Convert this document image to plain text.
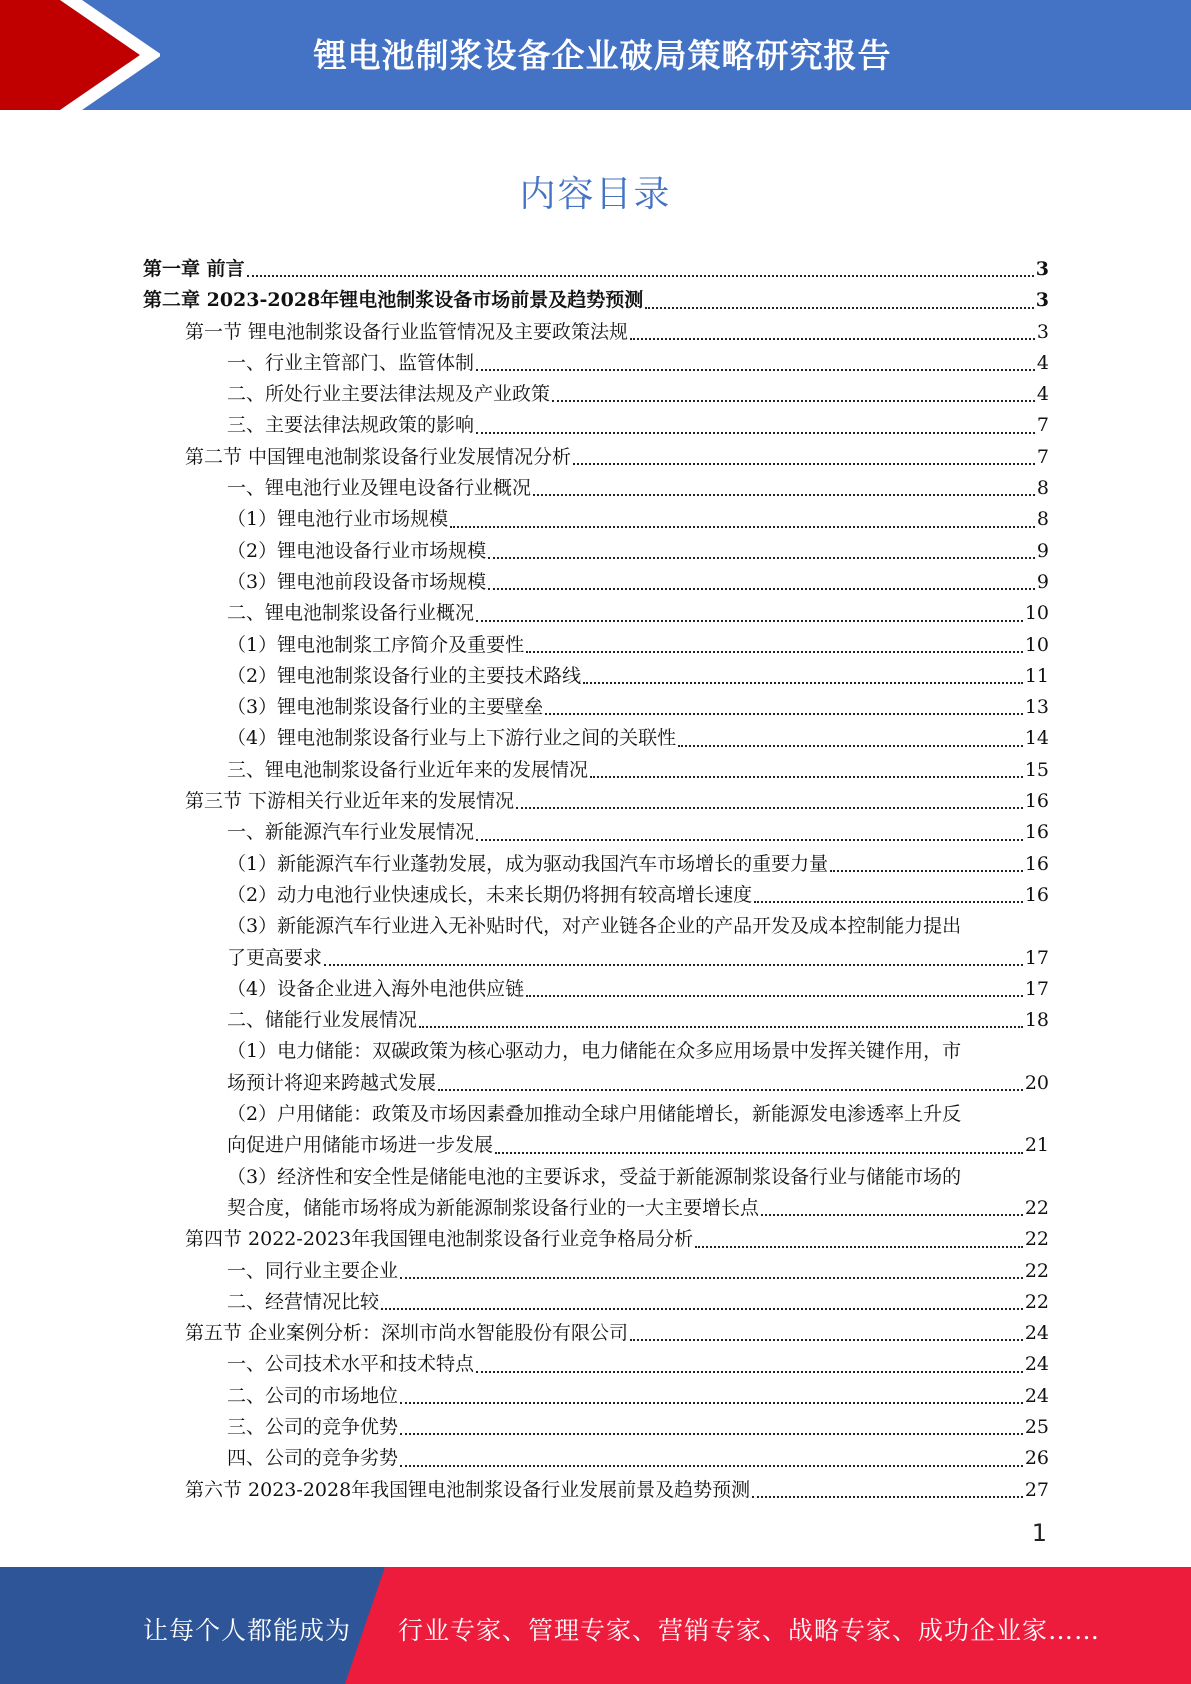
锂电池制浆设备企业破局策略研究报告
内容目录
第一章 前言	3
第二章 2023-2028年锂电池制浆设备市场前景及趋势预测	3
第一节 锂电池制浆设备行业监管情况及主要政策法规	3
一、行业主管部门、监管体制	4
二、所处行业主要法律法规及产业政策	4
三、主要法律法规政策的影响	7
第二节 中国锂电池制浆设备行业发展情况分析	7
一、锂电池行业及锂电设备行业概况	8
（1）锂电池行业市场规模	8
（2）锂电池设备行业市场规模	9
（3）锂电池前段设备市场规模	9
二、锂电池制浆设备行业概况	10
（1）锂电池制浆工序简介及重要性	10
（2）锂电池制浆设备行业的主要技术路线	11
（3）锂电池制浆设备行业的主要壁垒	13
（4）锂电池制浆设备行业与上下游行业之间的关联性	14
三、锂电池制浆设备行业近年来的发展情况	15
第三节 下游相关行业近年来的发展情况	16
一、新能源汽车行业发展情况	16
（1）新能源汽车行业蓬勃发展，成为驱动我国汽车市场增长的重要力量	16
（2）动力电池行业快速成长，未来长期仍将拥有较高增长速度	16
（3）新能源汽车行业进入无补贴时代，对产业链各企业的产品开发及成本控制能力提出
了更高要求	17
（4）设备企业进入海外电池供应链	17
二、储能行业发展情况	18
（1）电力储能：双碳政策为核心驱动力，电力储能在众多应用场景中发挥关键作用，市
场预计将迎来跨越式发展	20
（2）户用储能：政策及市场因素叠加推动全球户用储能增长，新能源发电渗透率上升反
向促进户用储能市场进一步发展	21
（3）经济性和安全性是储能电池的主要诉求，受益于新能源制浆设备行业与储能市场的
契合度，储能市场将成为新能源制浆设备行业的一大主要增长点	22
第四节 2022-2023年我国锂电池制浆设备行业竞争格局分析	22
一、同行业主要企业	22
二、经营情况比较	22
第五节 企业案例分析：深圳市尚水智能股份有限公司	24
一、公司技术水平和技术特点	24
二、公司的市场地位	24
三、公司的竞争优势	25
四、公司的竞争劣势	26
第六节 2023-2028年我国锂电池制浆设备行业发展前景及趋势预测	27
1
让每个人都能成为 行业专家、管理专家、营销专家、战略专家、成功企业家……
